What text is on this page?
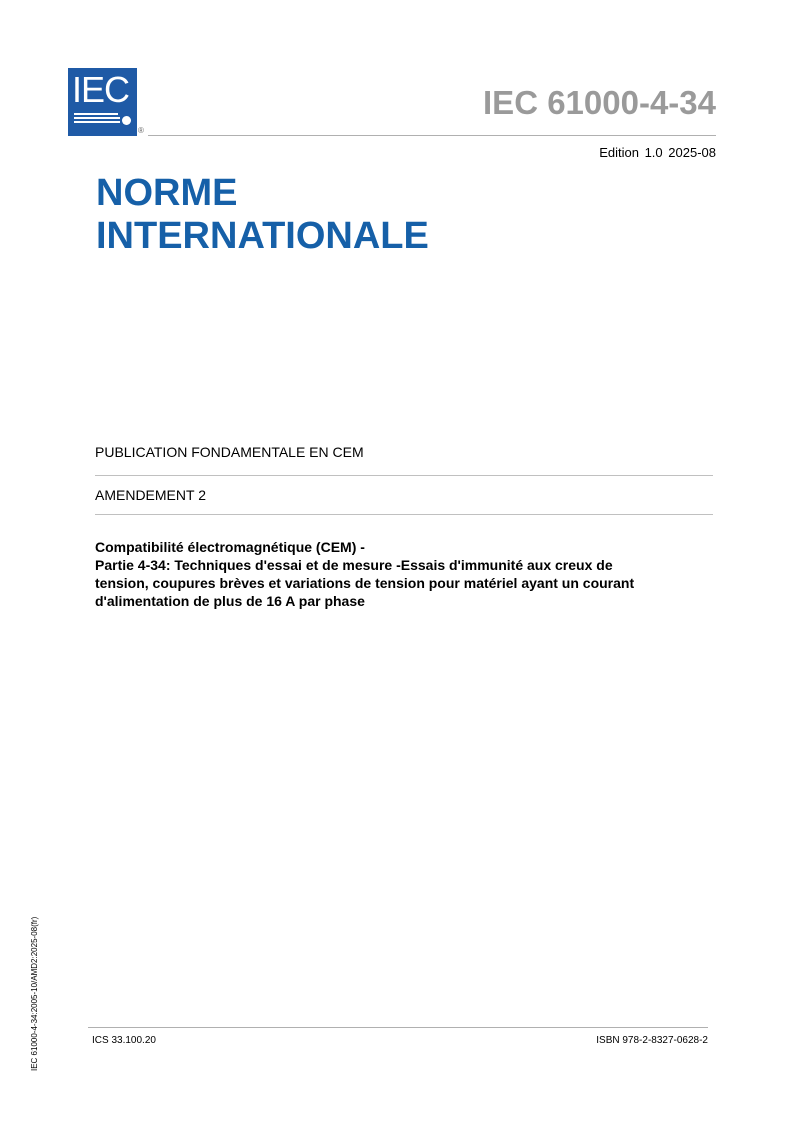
IEC
®
IEC 61000-4-34
Edition 1.0 2025-08
NORME
INTERNATIONALE
PUBLICATION FONDAMENTALE EN CEM
AMENDEMENT 2
Compatibilité électromagnétique (CEM) -
Partie 4-34: Techniques d'essai et de mesure -Essais d'immunité aux creux de
tension, coupures brèves et variations de tension pour matériel ayant un courant
d'alimentation de plus de 16 A par phase
ICS 33.100.20	ISBN 978-2-8327-0628-2
IEC 61000-4-34:2005-10/AMD2:2025-08(fr)
